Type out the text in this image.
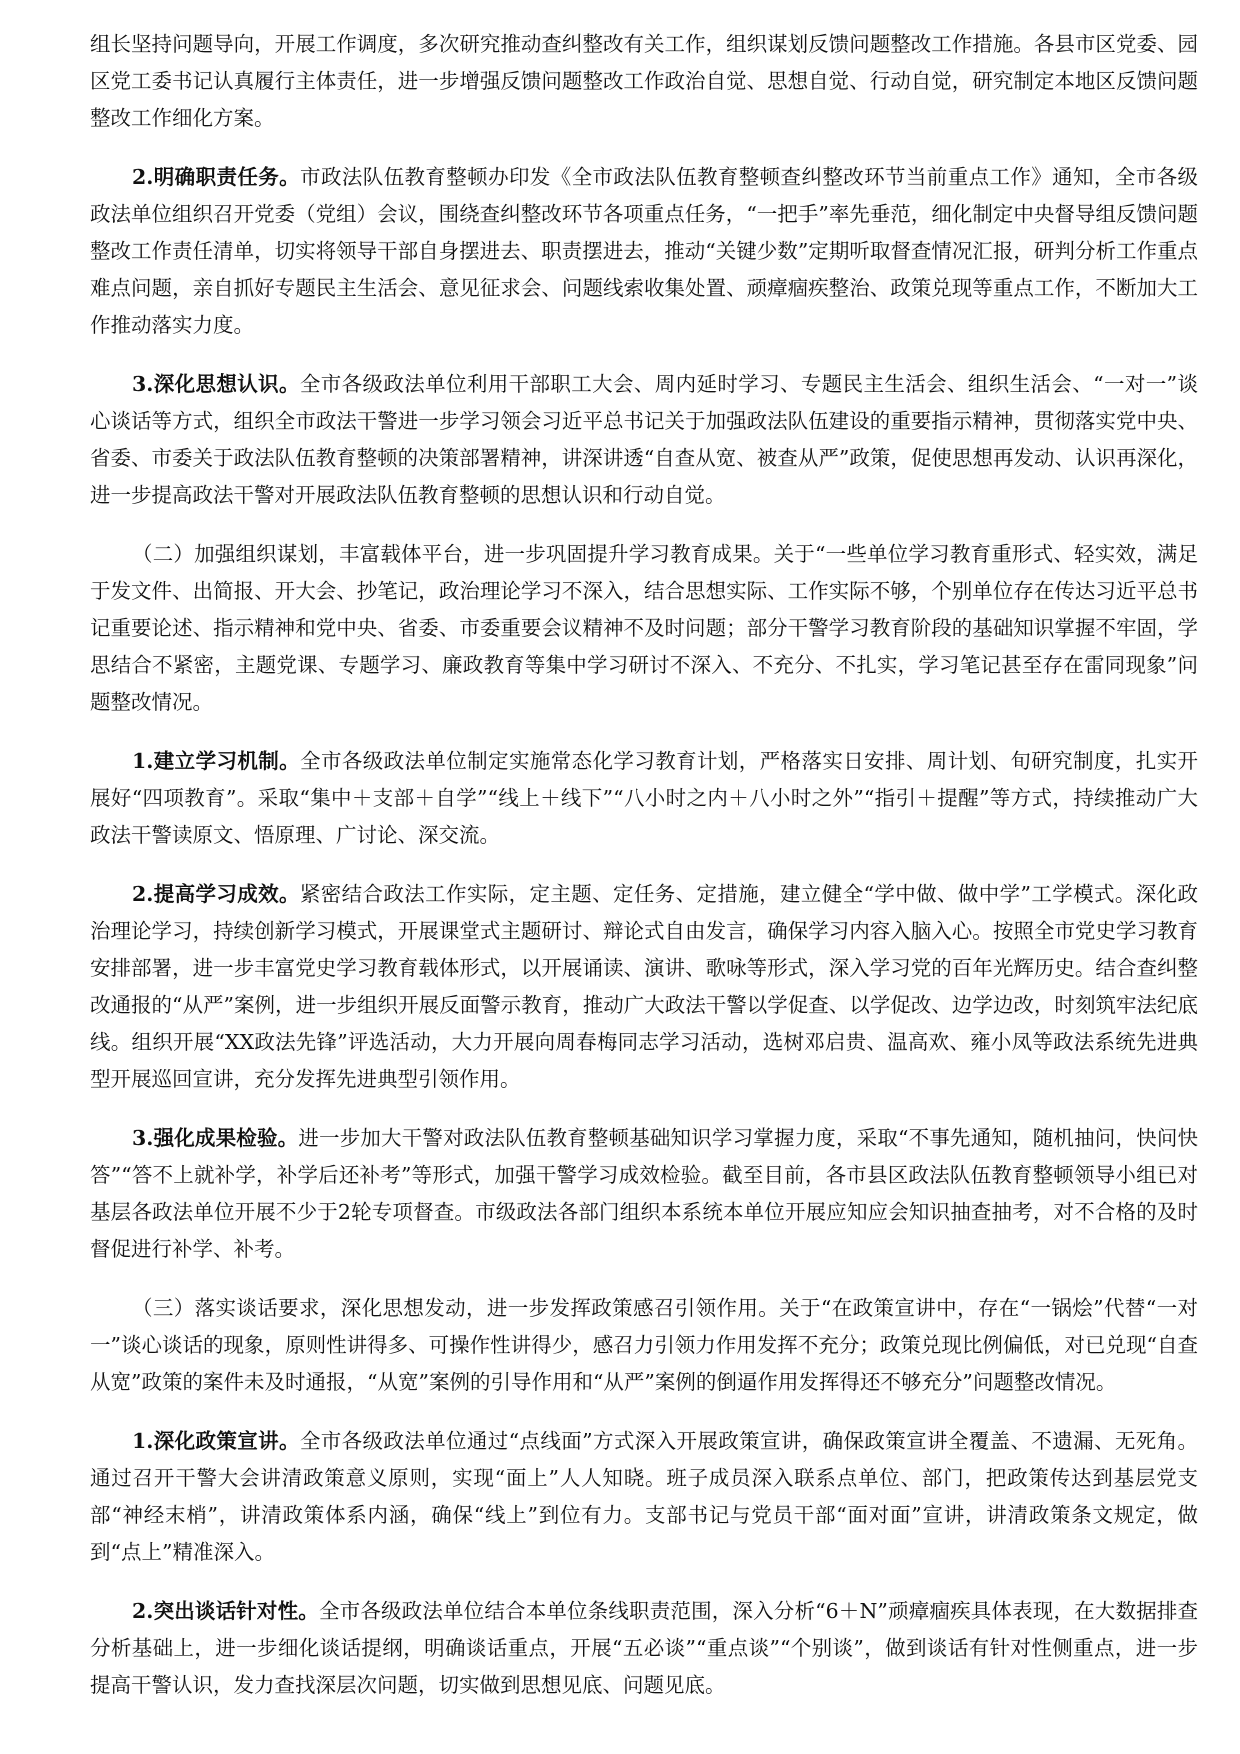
组长坚持问题导向，开展工作调度，多次研究推动查纠整改有关工作，组织谋划反馈问题整改工作措施。各县市区党委、园区党工委书记认真履行主体责任，进一步增强反馈问题整改工作政治自觉、思想自觉、行动自觉，研究制定本地区反馈问题整改工作细化方案。

2.明确职责任务。市政法队伍教育整顿办印发《全市政法队伍教育整顿查纠整改环节当前重点工作》通知，全市各级政法单位组织召开党委（党组）会议，围绕查纠整改环节各项重点任务，“一把手”率先垂范，细化制定中央督导组反馈问题整改工作责任清单，切实将领导干部自身摆进去、职责摆进去，推动“关键少数”定期听取督查情况汇报，研判分析工作重点难点问题，亲自抓好专题民主生活会、意见征求会、问题线索收集处置、顽瘴痼疾整治、政策兑现等重点工作，不断加大工作推动落实力度。

3.深化思想认识。全市各级政法单位利用干部职工大会、周内延时学习、专题民主生活会、组织生活会、“一对一”谈心谈话等方式，组织全市政法干警进一步学习领会习近平总书记关于加强政法队伍建设的重要指示精神，贯彻落实党中央、省委、市委关于政法队伍教育整顿的决策部署精神，讲深讲透“自查从宽、被查从严”政策，促使思想再发动、认识再深化，进一步提高政法干警对开展政法队伍教育整顿的思想认识和行动自觉。

（二）加强组织谋划，丰富载体平台，进一步巩固提升学习教育成果。关于“一些单位学习教育重形式、轻实效，满足于发文件、出简报、开大会、抄笔记，政治理论学习不深入，结合思想实际、工作实际不够，个别单位存在传达习近平总书记重要论述、指示精神和党中央、省委、市委重要会议精神不及时问题；部分干警学习教育阶段的基础知识掌握不牢固，学思结合不紧密，主题党课、专题学习、廉政教育等集中学习研讨不深入、不充分、不扎实，学习笔记甚至存在雷同现象”问题整改情况。

1.建立学习机制。全市各级政法单位制定实施常态化学习教育计划，严格落实日安排、周计划、旬研究制度，扎实开展好“四项教育”。采取“集中＋支部＋自学”“线上＋线下”“八小时之内＋八小时之外”“指引＋提醒”等方式，持续推动广大政法干警读原文、悟原理、广讨论、深交流。

2.提高学习成效。紧密结合政法工作实际，定主题、定任务、定措施，建立健全“学中做、做中学”工学模式。深化政治理论学习，持续创新学习模式，开展课堂式主题研讨、辩论式自由发言，确保学习内容入脑入心。按照全市党史学习教育安排部署，进一步丰富党史学习教育载体形式，以开展诵读、演讲、歌咏等形式，深入学习党的百年光辉历史。结合查纠整改通报的“从严”案例，进一步组织开展反面警示教育，推动广大政法干警以学促查、以学促改、边学边改，时刻筑牢法纪底线。组织开展“XX政法先锋”评选活动，大力开展向周春梅同志学习活动，选树邓启贵、温高欢、雍小凤等政法系统先进典型开展巡回宣讲，充分发挥先进典型引领作用。

3.强化成果检验。进一步加大干警对政法队伍教育整顿基础知识学习掌握力度，采取“不事先通知，随机抽问，快问快答”“答不上就补学，补学后还补考”等形式，加强干警学习成效检验。截至目前，各市县区政法队伍教育整顿领导小组已对基层各政法单位开展不少于2轮专项督查。市级政法各部门组织本系统本单位开展应知应会知识抽查抽考，对不合格的及时督促进行补学、补考。

（三）落实谈话要求，深化思想发动，进一步发挥政策感召引领作用。关于“在政策宣讲中，存在“一锅烩”代替“一对一”谈心谈话的现象，原则性讲得多、可操作性讲得少，感召力引领力作用发挥不充分；政策兑现比例偏低，对已兑现“自查从宽”政策的案件未及时通报，“从宽”案例的引导作用和“从严”案例的倒逼作用发挥得还不够充分”问题整改情况。

1.深化政策宣讲。全市各级政法单位通过“点线面”方式深入开展政策宣讲，确保政策宣讲全覆盖、不遗漏、无死角。通过召开干警大会讲清政策意义原则，实现“面上”人人知晓。班子成员深入联系点单位、部门，把政策传达到基层党支部“神经末梢”，讲清政策体系内涵，确保“线上”到位有力。支部书记与党员干部“面对面”宣讲，讲清政策条文规定，做到“点上”精准深入。

2.突出谈话针对性。全市各级政法单位结合本单位条线职责范围，深入分析“6＋N”顽瘴痼疾具体表现，在大数据排查分析基础上，进一步细化谈话提纲，明确谈话重点，开展“五必谈”“重点谈”“个别谈”，做到谈话有针对性侧重点，进一步提高干警认识，发力查找深层次问题，切实做到思想见底、问题见底。
